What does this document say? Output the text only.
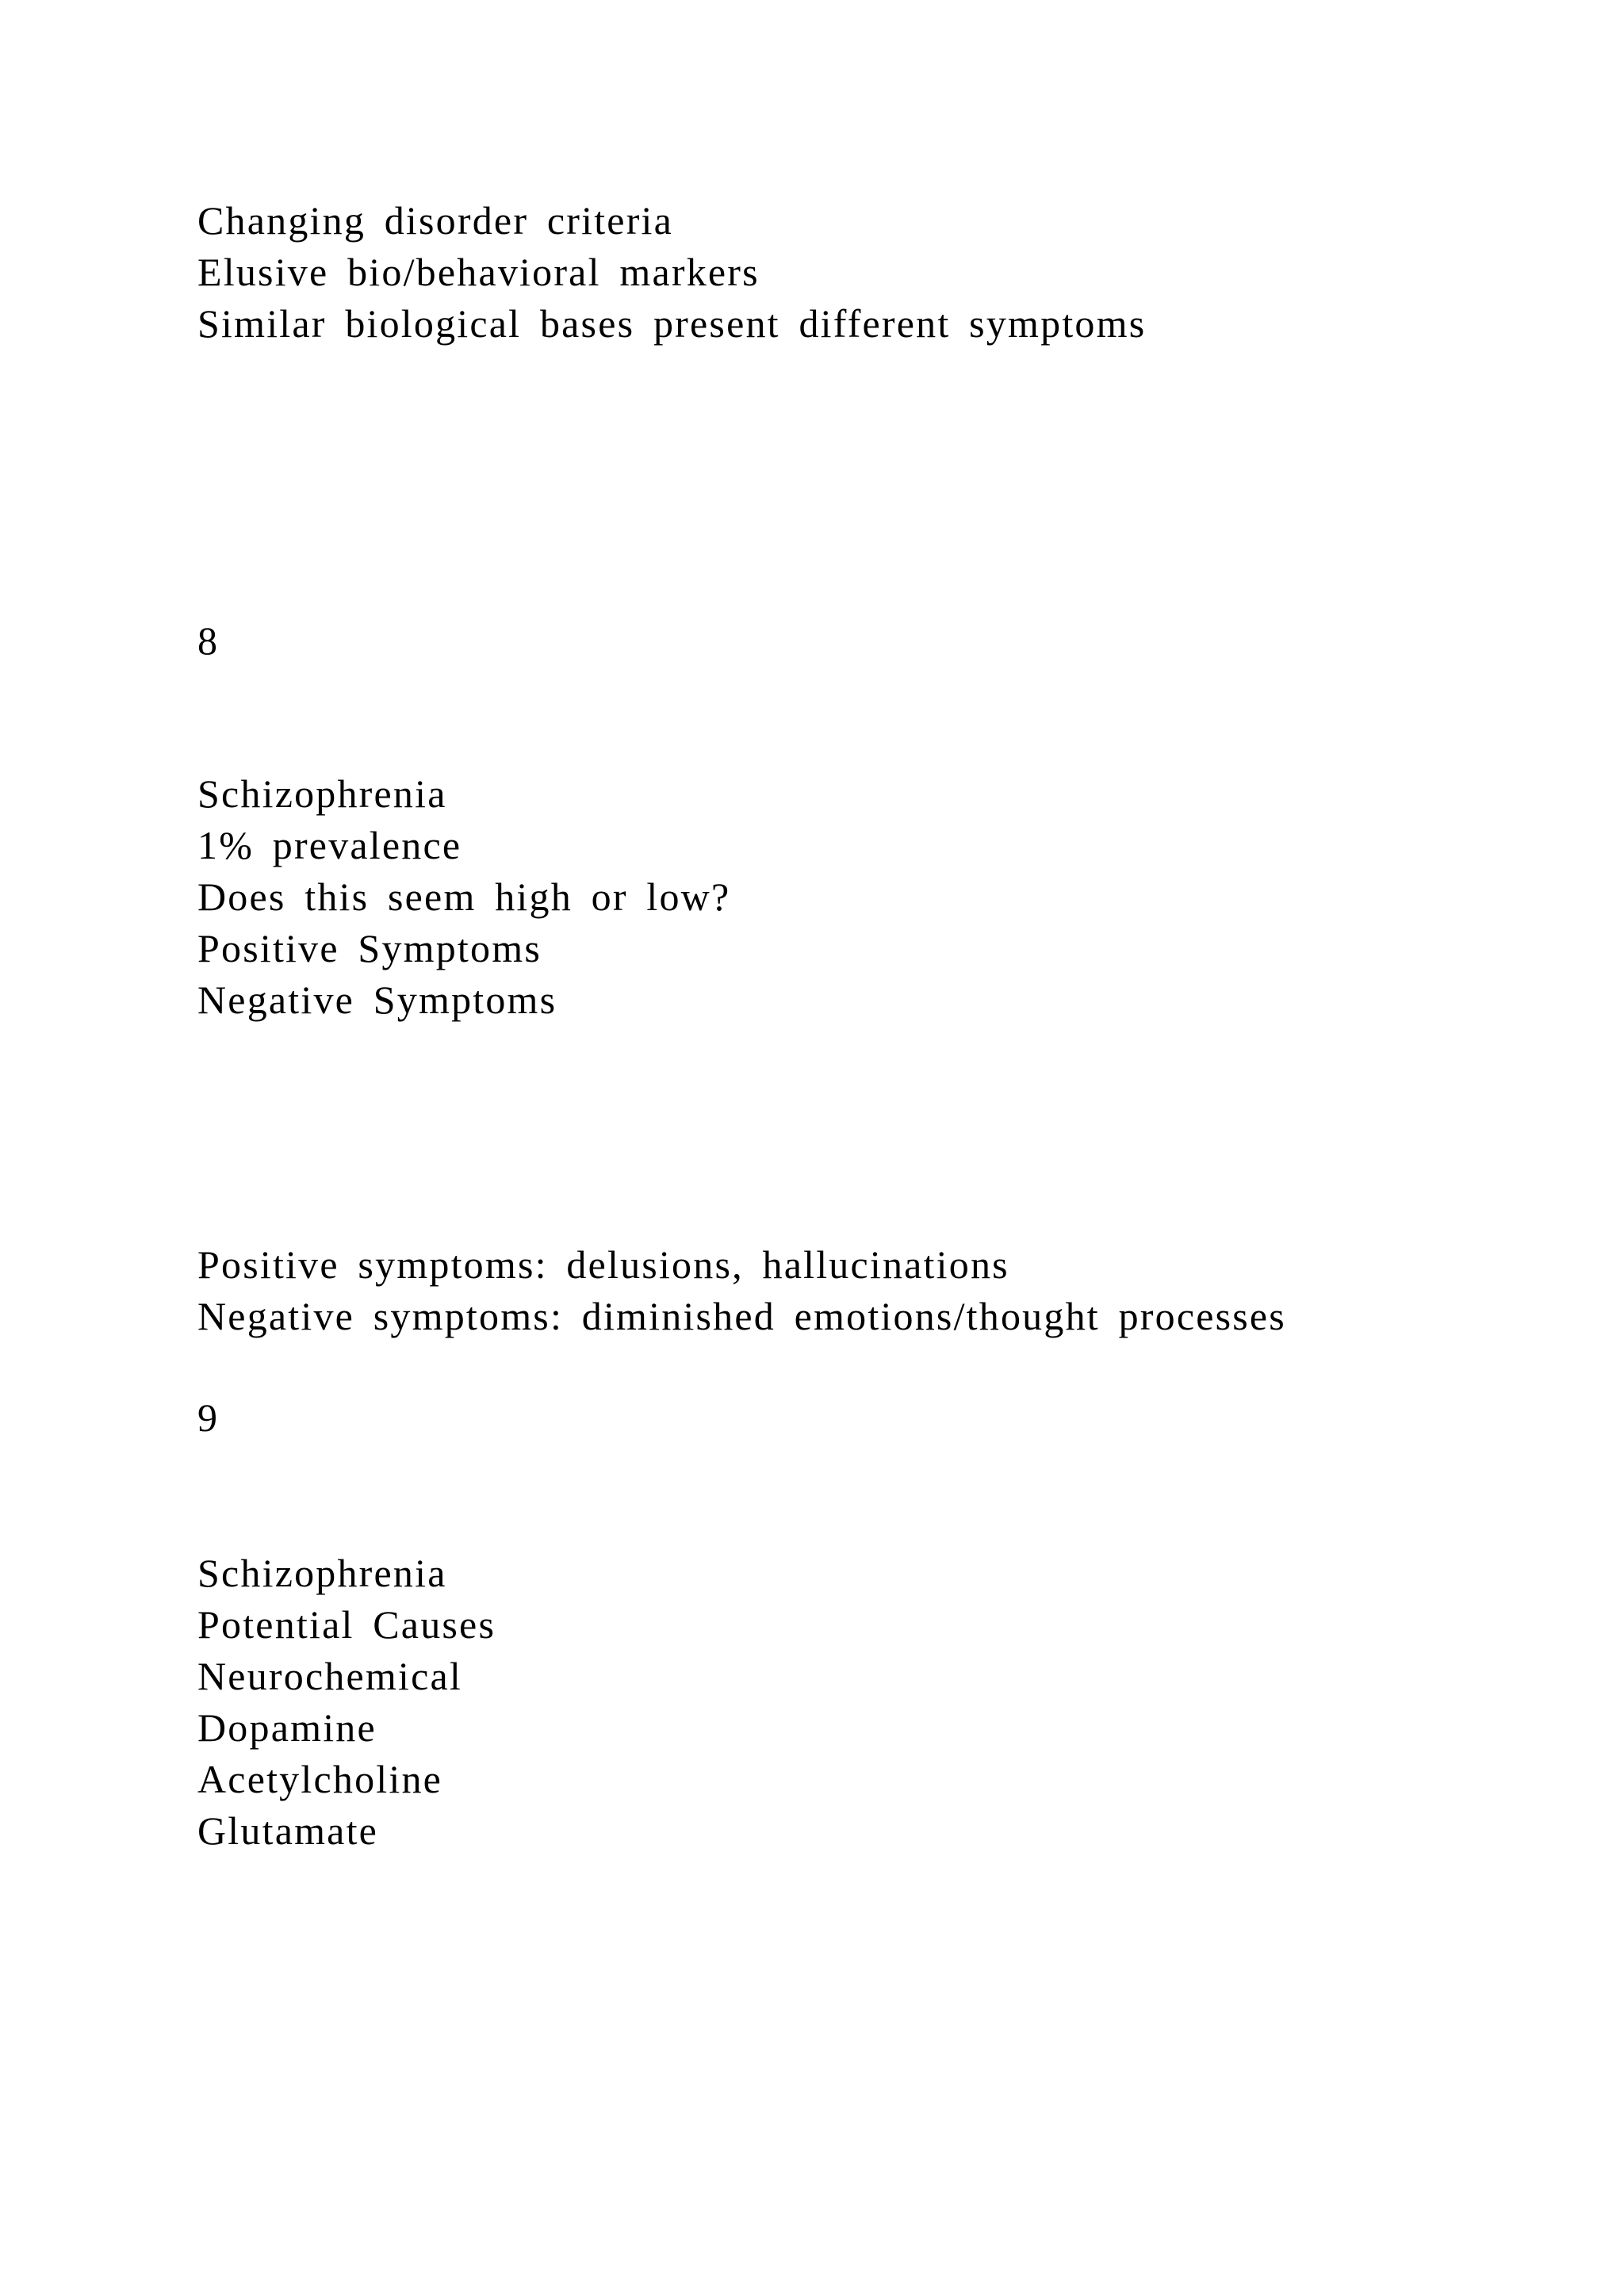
Changing disorder criteria
Elusive bio/behavioral markers
Similar biological bases present different symptoms
8
Schizophrenia
1% prevalence
Does this seem high or low?
Positive Symptoms
Negative Symptoms
Positive symptoms: delusions, hallucinations
Negative symptoms: diminished emotions/thought processes
9
Schizophrenia
Potential Causes
Neurochemical
Dopamine
Acetylcholine
Glutamate
